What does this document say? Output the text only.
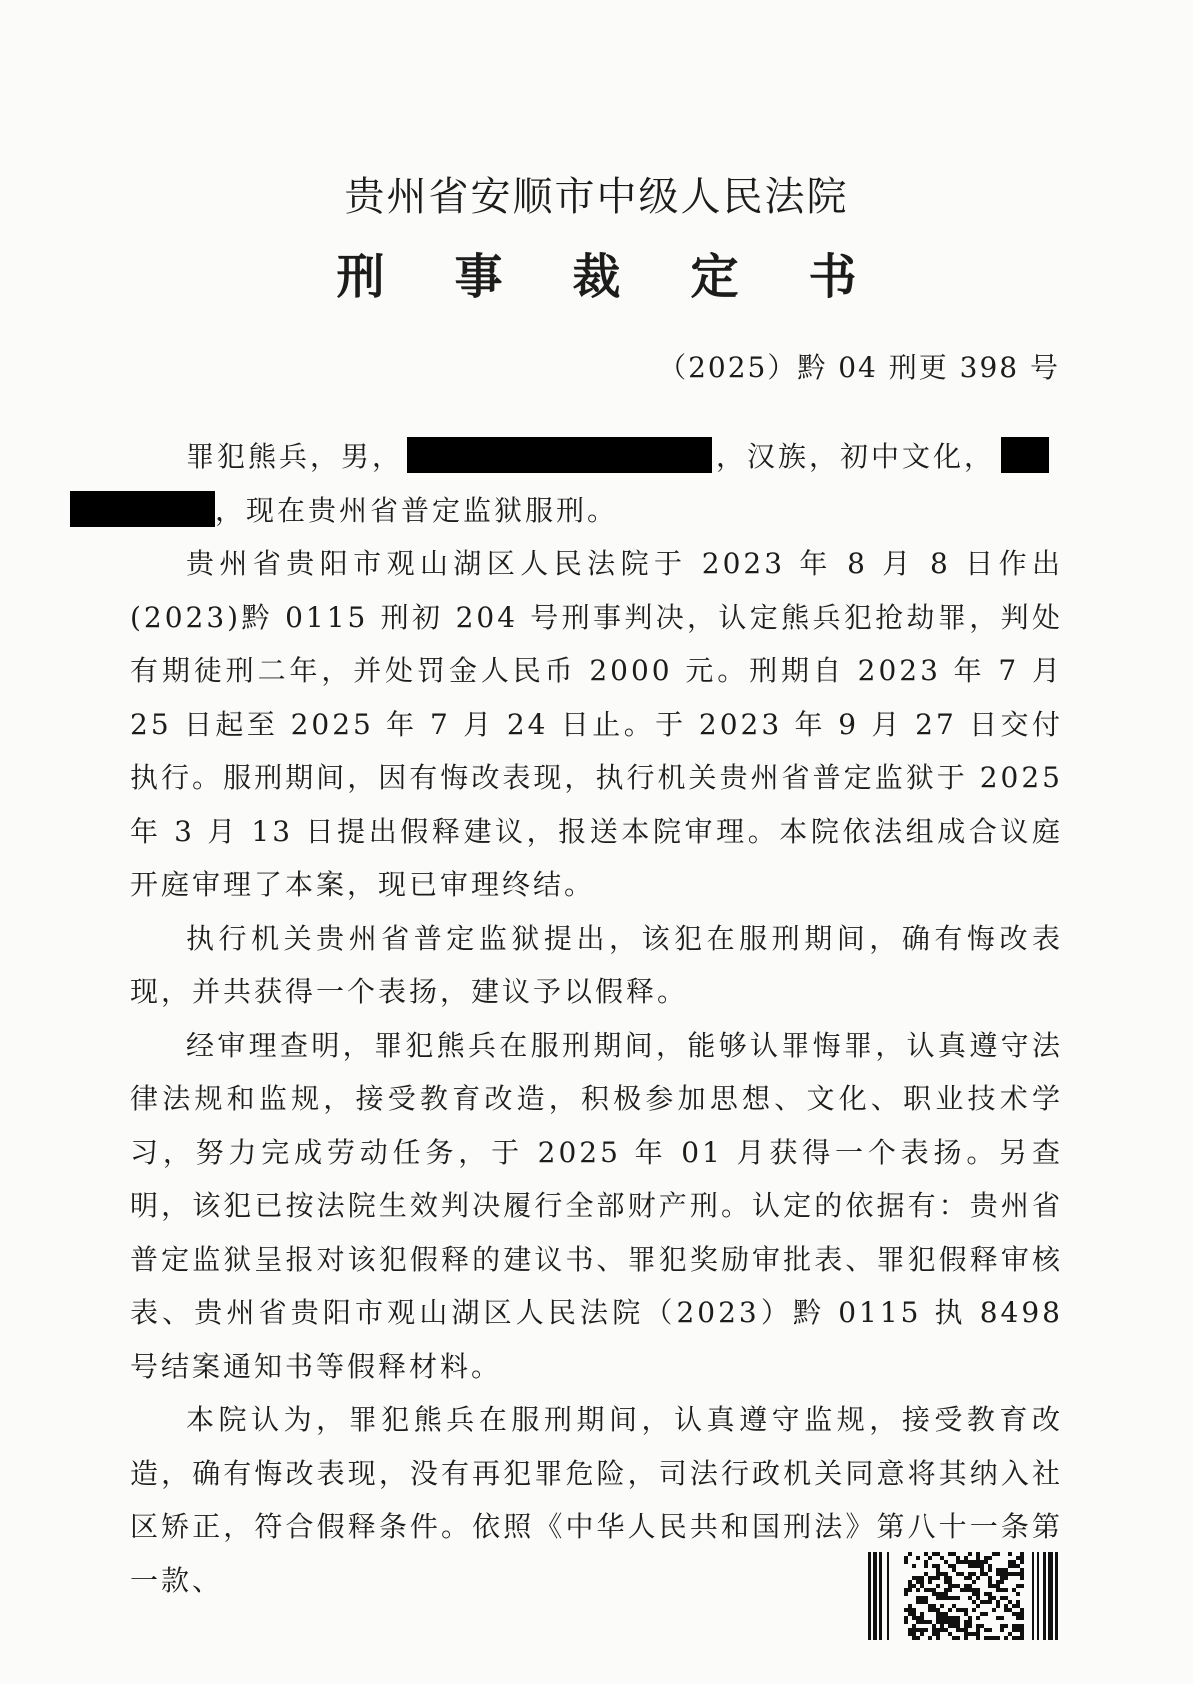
贵州省安顺市中级人民法院
刑事裁定书
（2025）黔 04 刑更 398 号

罪犯熊兵，男，	，汉族，初中文化，
，现在贵州省普定监狱服刑。

贵州省贵阳市观山湖区人民法院于 2023 年 8 月 8 日作出(2023)黔 0115 刑初 204 号刑事判决，认定熊兵犯抢劫罪，判处有期徒刑二年，并处罚金人民币 2000 元。刑期自 2023 年 7 月 25 日起至 2025 年 7 月 24 日止。于 2023 年 9 月 27 日交付执行。服刑期间，因有悔改表现，执行机关贵州省普定监狱于 2025 年 3 月 13 日提出假释建议，报送本院审理。本院依法组成合议庭开庭审理了本案，现已审理终结。

执行机关贵州省普定监狱提出，该犯在服刑期间，确有悔改表现，并共获得一个表扬，建议予以假释。

经审理查明，罪犯熊兵在服刑期间，能够认罪悔罪，认真遵守法律法规和监规，接受教育改造，积极参加思想、文化、职业技术学习，努力完成劳动任务，于 2025 年 01 月获得一个表扬。另查明，该犯已按法院生效判决履行全部财产刑。认定的依据有：贵州省普定监狱呈报对该犯假释的建议书、罪犯奖励审批表、罪犯假释审核表、贵州省贵阳市观山湖区人民法院（2023）黔 0115 执 8498 号结案通知书等假释材料。

本院认为，罪犯熊兵在服刑期间，认真遵守监规，接受教育改造，确有悔改表现，没有再犯罪危险，司法行政机关同意将其纳入社区矫正，符合假释条件。依照《中华人民共和国刑法》第八十一条第一款、
